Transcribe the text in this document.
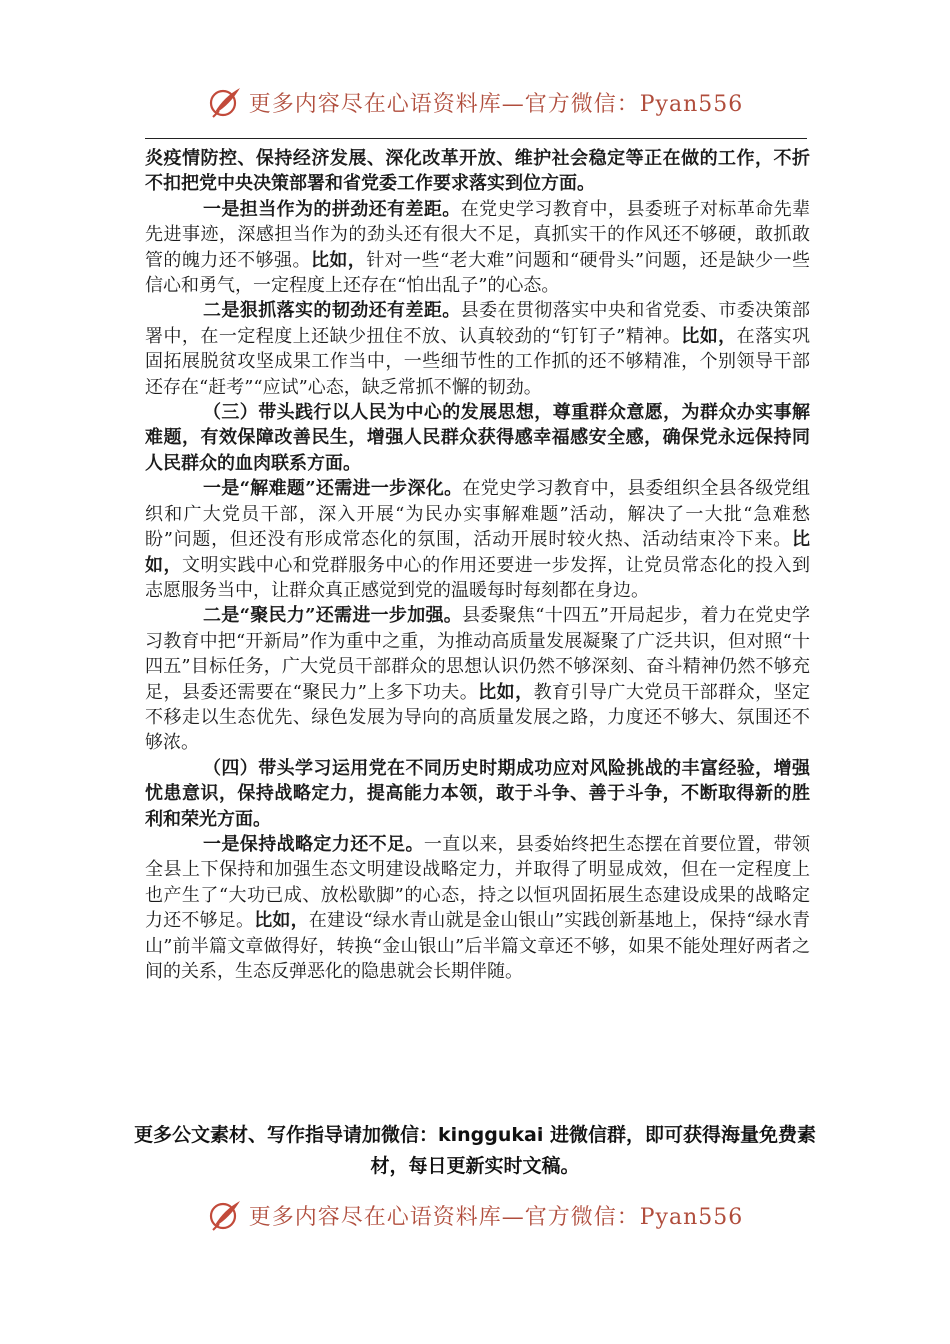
更多内容尽在心语资料库—官方微信：Pyan556

炎疫情防控、保持经济发展、深化改革开放、维护社会稳定等正在做的工作，不折不扣把党中央决策部署和省党委工作要求落实到位方面。

一是担当作为的拼劲还有差距。在党史学习教育中，县委班子对标革命先辈先进事迹，深感担当作为的劲头还有很大不足，真抓实干的作风还不够硬，敢抓敢管的魄力还不够强。比如，针对一些“老大难”问题和“硬骨头”问题，还是缺少一些信心和勇气，一定程度上还存在“怕出乱子”的心态。

二是狠抓落实的韧劲还有差距。县委在贯彻落实中央和省党委、市委决策部署中，在一定程度上还缺少扭住不放、认真较劲的“钉钉子”精神。比如，在落实巩固拓展脱贫攻坚成果工作当中，一些细节性的工作抓的还不够精准，个别领导干部还存在“赶考”“应试”心态，缺乏常抓不懈的韧劲。

（三）带头践行以人民为中心的发展思想，尊重群众意愿，为群众办实事解难题，有效保障改善民生，增强人民群众获得感幸福感安全感，确保党永远保持同人民群众的血肉联系方面。

一是“解难题”还需进一步深化。在党史学习教育中，县委组织全县各级党组织和广大党员干部，深入开展“为民办实事解难题”活动，解决了一大批“急难愁盼”问题，但还没有形成常态化的氛围，活动开展时较火热、活动结束冷下来。比如，文明实践中心和党群服务中心的作用还要进一步发挥，让党员常态化的投入到志愿服务当中，让群众真正感觉到党的温暖每时每刻都在身边。

二是“聚民力”还需进一步加强。县委聚焦“十四五”开局起步，着力在党史学习教育中把“开新局”作为重中之重，为推动高质量发展凝聚了广泛共识，但对照“十四五”目标任务，广大党员干部群众的思想认识仍然不够深刻、奋斗精神仍然不够充足，县委还需要在“聚民力”上多下功夫。比如，教育引导广大党员干部群众，坚定不移走以生态优先、绿色发展为导向的高质量发展之路，力度还不够大、氛围还不够浓。

（四）带头学习运用党在不同历史时期成功应对风险挑战的丰富经验，增强忧患意识，保持战略定力，提高能力本领，敢于斗争、善于斗争，不断取得新的胜利和荣光方面。

一是保持战略定力还不足。一直以来，县委始终把生态摆在首要位置，带领全县上下保持和加强生态文明建设战略定力，并取得了明显成效，但在一定程度上也产生了“大功已成、放松歇脚”的心态，持之以恒巩固拓展生态建设成果的战略定力还不够足。比如，在建设“绿水青山就是金山银山”实践创新基地上，保持“绿水青山”前半篇文章做得好，转换“金山银山”后半篇文章还不够，如果不能处理好两者之间的关系，生态反弹恶化的隐患就会长期伴随。

更多公文素材、写作指导请加微信：kinggukai 进微信群，即可获得海量免费素材，每日更新实时文稿。
更多内容尽在心语资料库—官方微信：Pyan556
